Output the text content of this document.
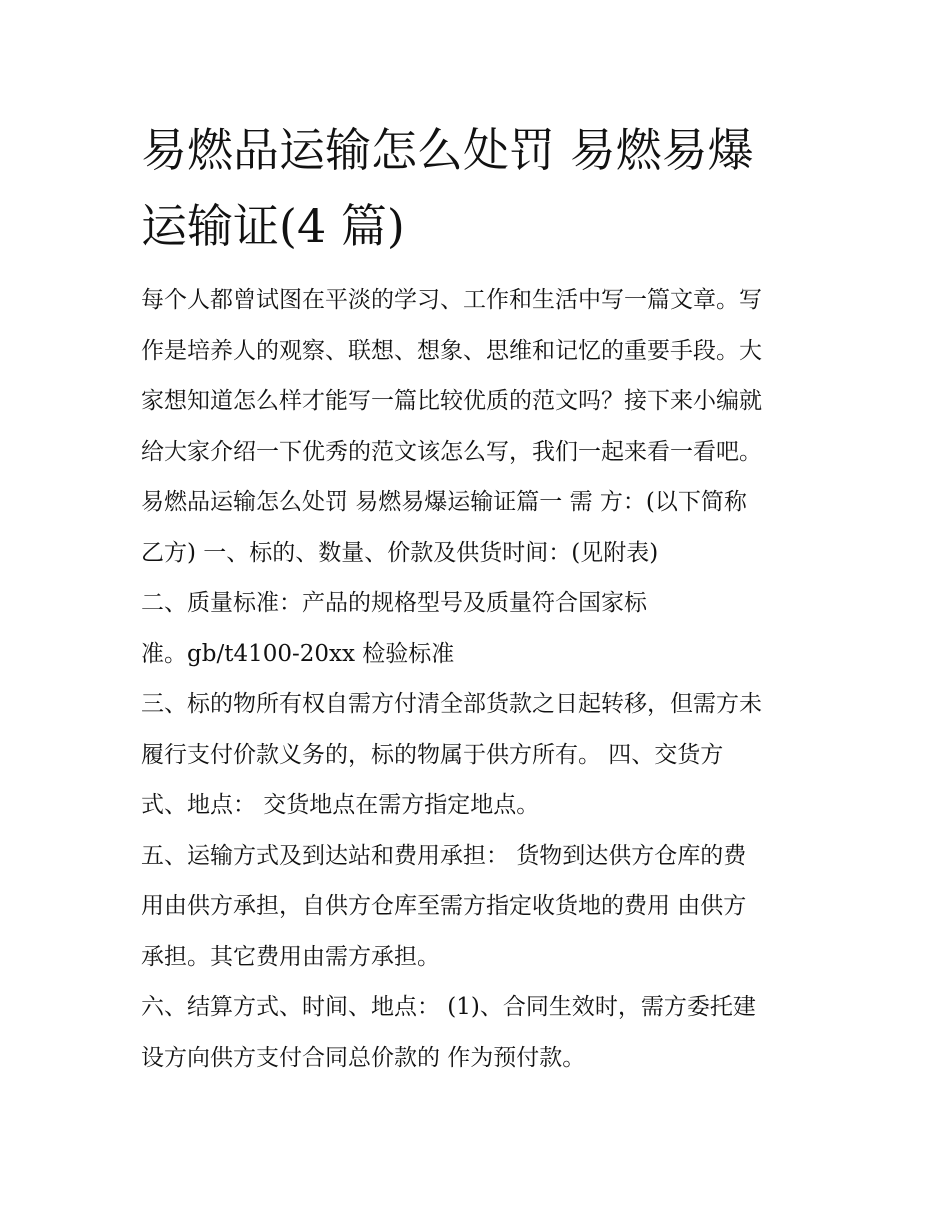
易燃品运输怎么处罚 易燃易爆
运输证(4 篇)

每个人都曾试图在平淡的学习、工作和生活中写一篇文章。写

作是培养人的观察、联想、想象、思维和记忆的重要手段。大

家想知道怎么样才能写一篇比较优质的范文吗？接下来小编就

给大家介绍一下优秀的范文该怎么写，我们一起来看一看吧。

易燃品运输怎么处罚 易燃易爆运输证篇一 需 方：(以下简称

乙方) 一、标的、数量、价款及供货时间：(见附表)

二、质量标准：产品的规格型号及质量符合国家标

准。gb/t4100-20xx 检验标准

三、标的物所有权自需方付清全部货款之日起转移，但需方未

履行支付价款义务的，标的物属于供方所有。 四、交货方

式、地点： 交货地点在需方指定地点。

五、运输方式及到达站和费用承担： 货物到达供方仓库的费

用由供方承担，自供方仓库至需方指定收货地的费用 由供方

承担。其它费用由需方承担。

六、结算方式、时间、地点： (1)、合同生效时，需方委托建

设方向供方支付合同总价款的 作为预付款。
